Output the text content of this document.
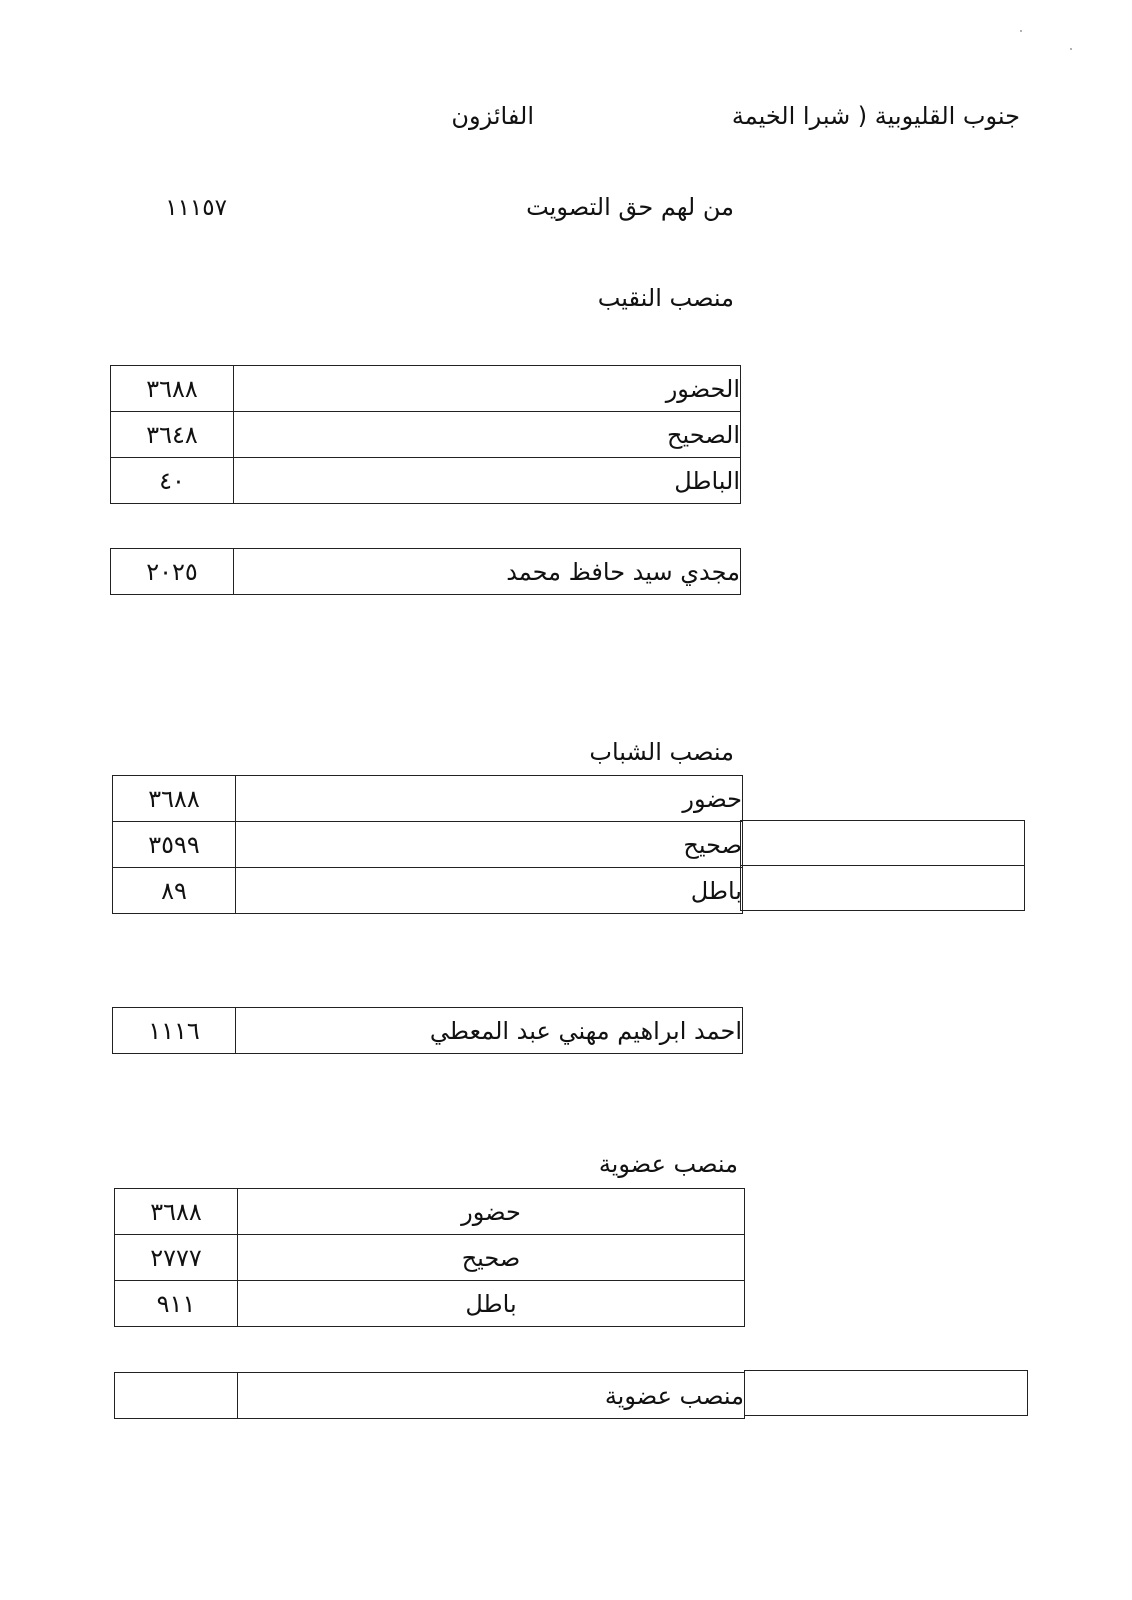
جنوب القليوبية ( شبرا الخيمة
الفائزون
من لهم حق التصويت
١١١٥٧
منصب النقيب
٣٦٨٨	الحضور
٣٦٤٨	الصحيح
٤٠	الباطل
٢٠٢٥	مجدي سيد حافظ محمد
منصب الشباب
٣٦٨٨	حضور
٣٥٩٩	صحيح
٨٩	باطل
١١١٦	احمد ابراهيم مهني عبد المعطي
منصب عضوية
٣٦٨٨	حضور
٢٧٧٧	صحيح
٩١١	باطل
	منصب عضوية
